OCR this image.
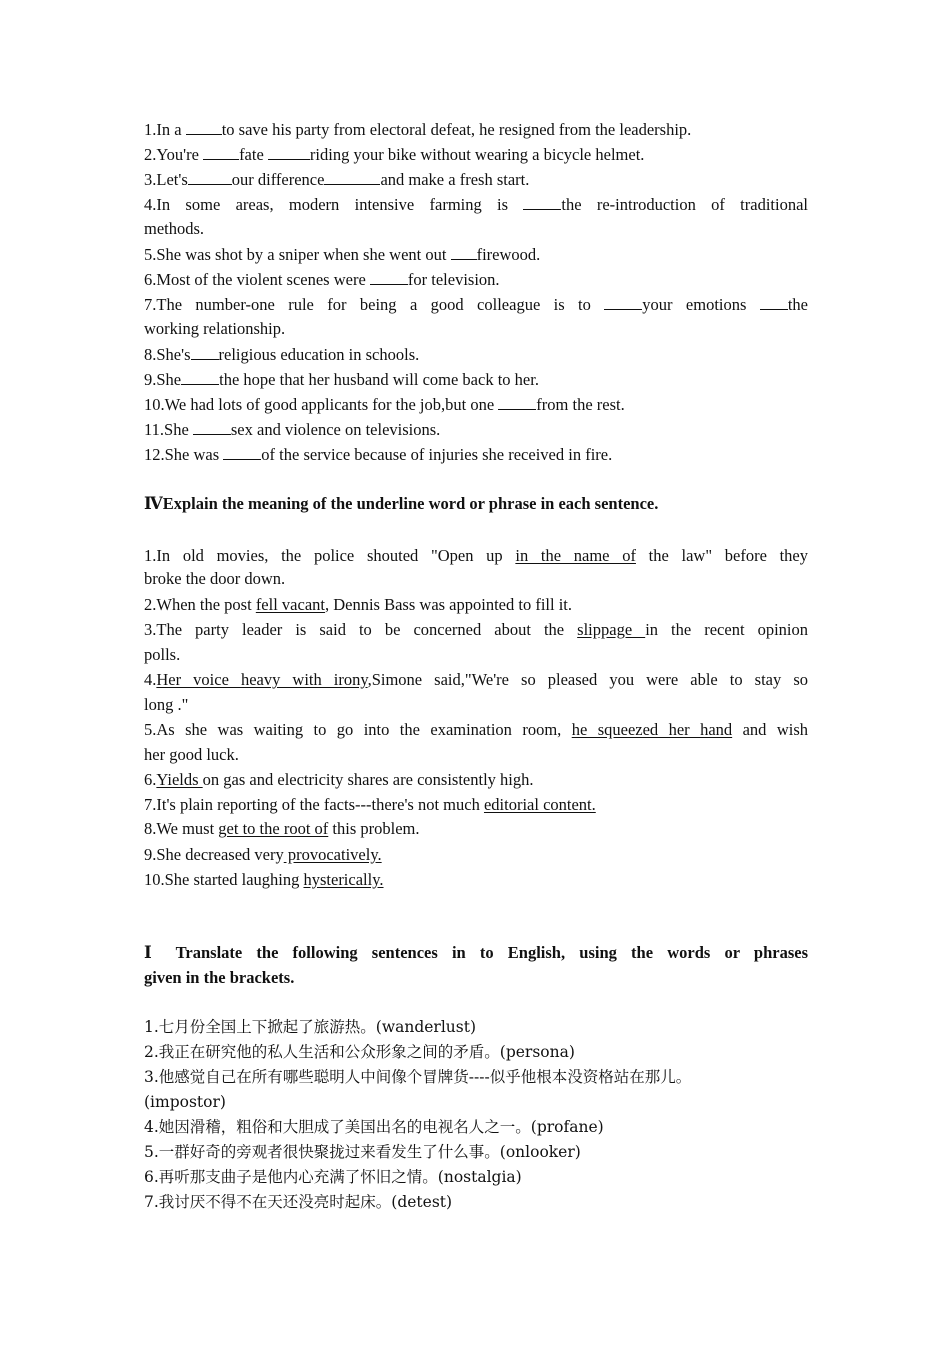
1.In a to save his party from electoral defeat, he resigned from the leadership.
2.You're fate	riding your bike without wearing a bicycle helmet.
3.Let's	our difference	and make a fresh start.
4.In some areas, modern intensive farming is the re-introduction of traditional
methods.
5.She was shot by a sniper when she went out firewood.
6.Most of the violent scenes were for television.
7.The number-one rule for being a good colleague is to your emotions the
working relationship.
8.She's religious education in schools.
9.She the hope that her husband will come back to her.
10.We had lots of good applicants for the job,but one from the rest.
11.She sex and violence on televisions.
12.She was of the service because of injuries she received in fire.
ⅣExplain the meaning of the underline word or phrase in each sentence.
1.In old movies, the police shouted "Open up in the name of the law" before they
broke the door down.
2.When the post fell vacant, Dennis Bass was appointed to fill it.
3.The party leader is said to be concerned about the slippage in the recent opinion
polls.
4.Her voice heavy with irony,Simone said,"We're so pleased you were able to stay so
long ."
5.As she was waiting to go into the examination room, he squeezed her hand and wish
her good luck.
6.Yields on gas and electricity shares are consistently high.
7.It's plain reporting of the facts---there's not much editorial content.
8.We must get to the root of this problem.
9.She decreased very provocatively.
10.She started laughing hysterically.
Ⅰ Translate the following sentences in to English, using the words or phrases
given in the brackets.
1.七月份全国上下掀起了旅游热。(wanderlust)
2.我正在研究他的私人生活和公众形象之间的矛盾。(persona)
3.他感觉自己在所有哪些聪明人中间像个冒牌货----似乎他根本没资格站在那儿。
(impostor)
4.她因滑稽，粗俗和大胆成了美国出名的电视名人之一。(profane)
5.一群好奇的旁观者很快聚拢过来看发生了什么事。(onlooker)
6.再听那支曲子是他内心充满了怀旧之情。(nostalgia)
7.我讨厌不得不在天还没亮时起床。(detest)
